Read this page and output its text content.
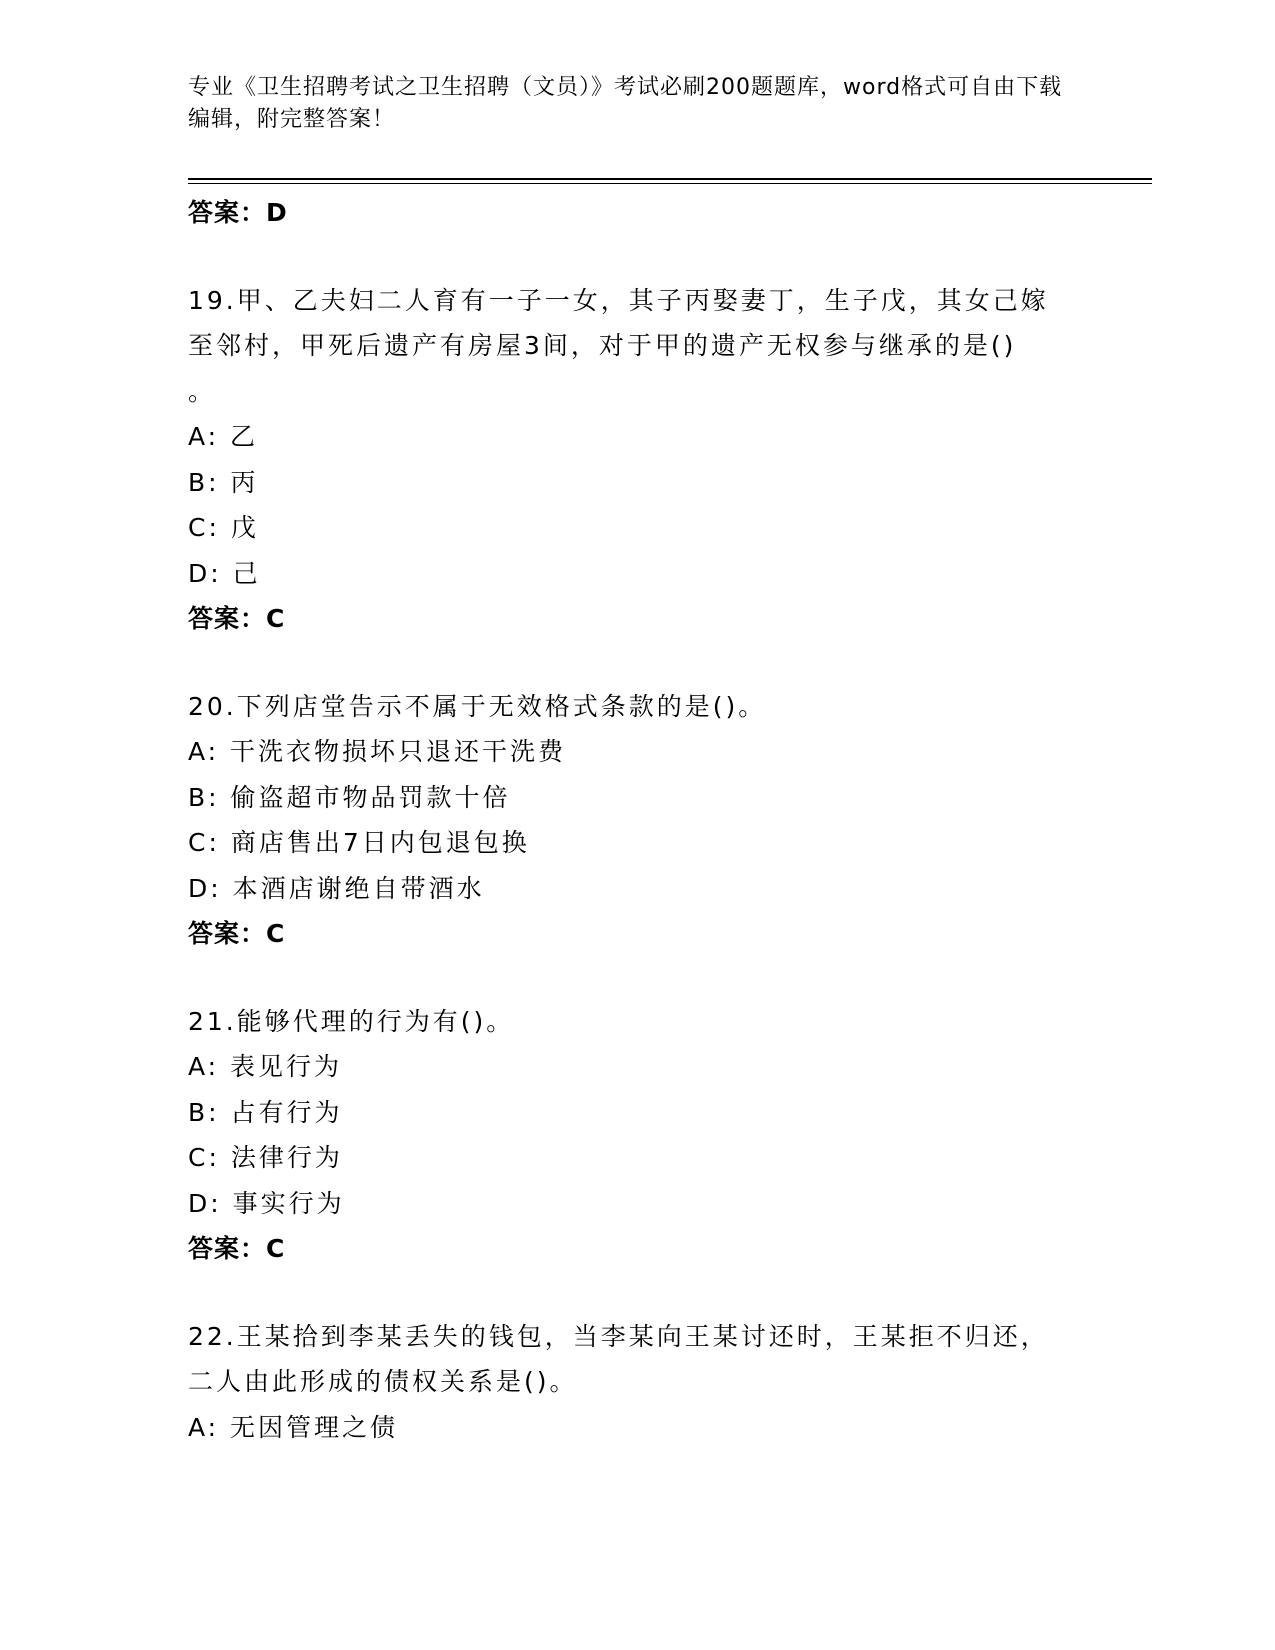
专业《卫生招聘考试之卫生招聘（文员）》考试必刷200题题库，word格式可自由下载编辑，附完整答案！

答案：D

19.甲、乙夫妇二人育有一子一女，其子丙娶妻丁，生子戊，其女己嫁

至邻村，甲死后遗产有房屋3间，对于甲的遗产无权参与继承的是()

。

A: 乙

B: 丙

C: 戊

D: 己

答案：C

20.下列店堂告示不属于无效格式条款的是()。

A: 干洗衣物损坏只退还干洗费

B: 偷盗超市物品罚款十倍

C: 商店售出7日内包退包换

D: 本酒店谢绝自带酒水

答案：C

21.能够代理的行为有()。

A: 表见行为

B: 占有行为

C: 法律行为

D: 事实行为

答案：C

22.王某拾到李某丢失的钱包，当李某向王某讨还时，王某拒不归还，

二人由此形成的债权关系是()。

A: 无因管理之债
